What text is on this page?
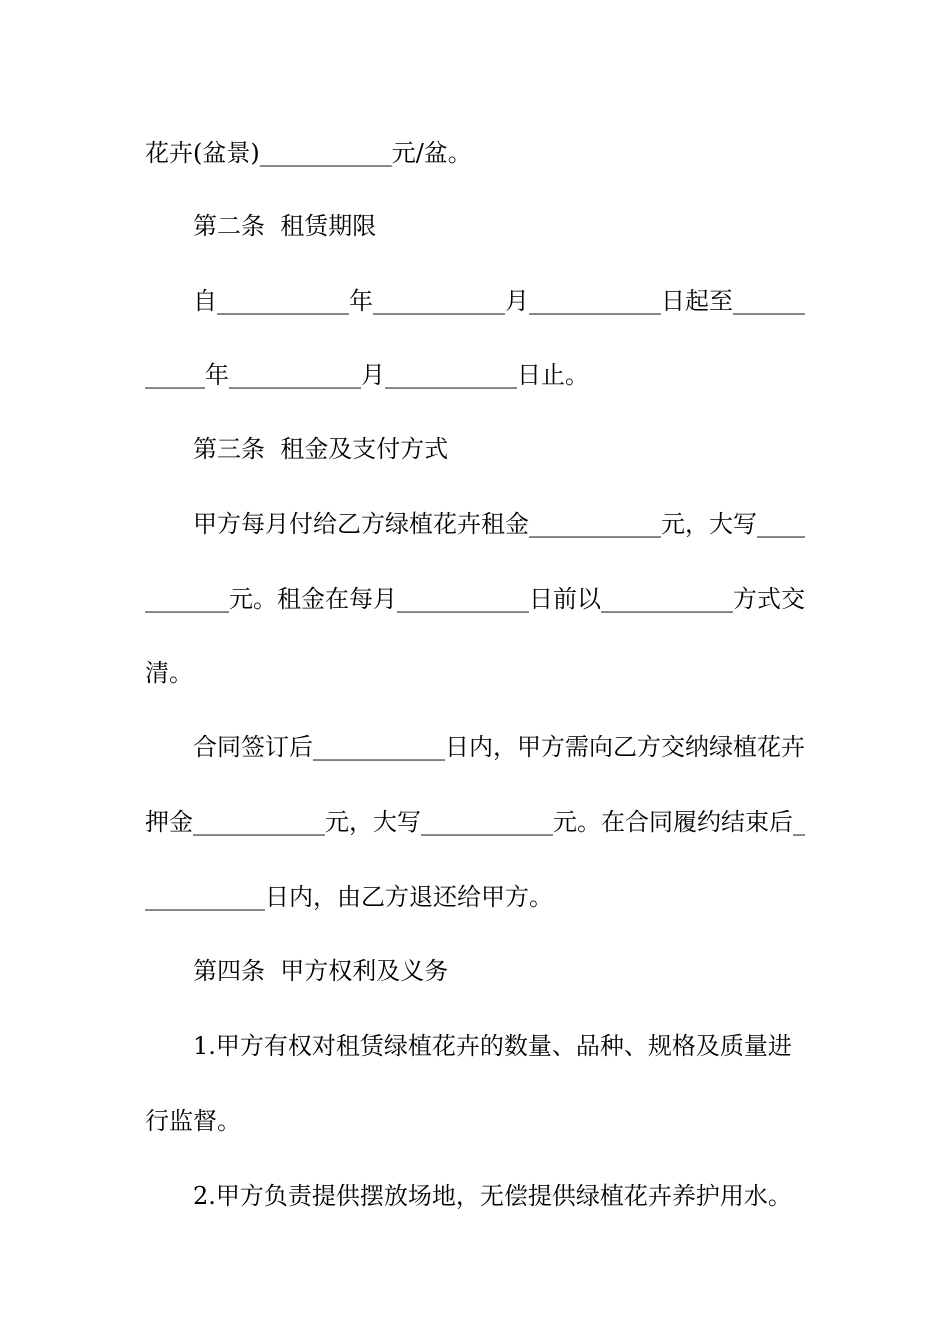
花卉(盆景)___________元/盆。
第二条  租赁期限
自___________年___________月___________日起至______
_____年___________月___________日止。
第三条  租金及支付方式
甲方每月付给乙方绿植花卉租金___________元，大写____
_______元。租金在每月___________日前以___________方式交
清。
合同签订后___________日内，甲方需向乙方交纳绿植花卉
押金___________元，大写___________元。在合同履约结束后_
__________日内，由乙方退还给甲方。
第四条  甲方权利及义务
1.甲方有权对租赁绿植花卉的数量、品种、规格及质量进
行监督。
2.甲方负责提供摆放场地，无偿提供绿植花卉养护用水。
